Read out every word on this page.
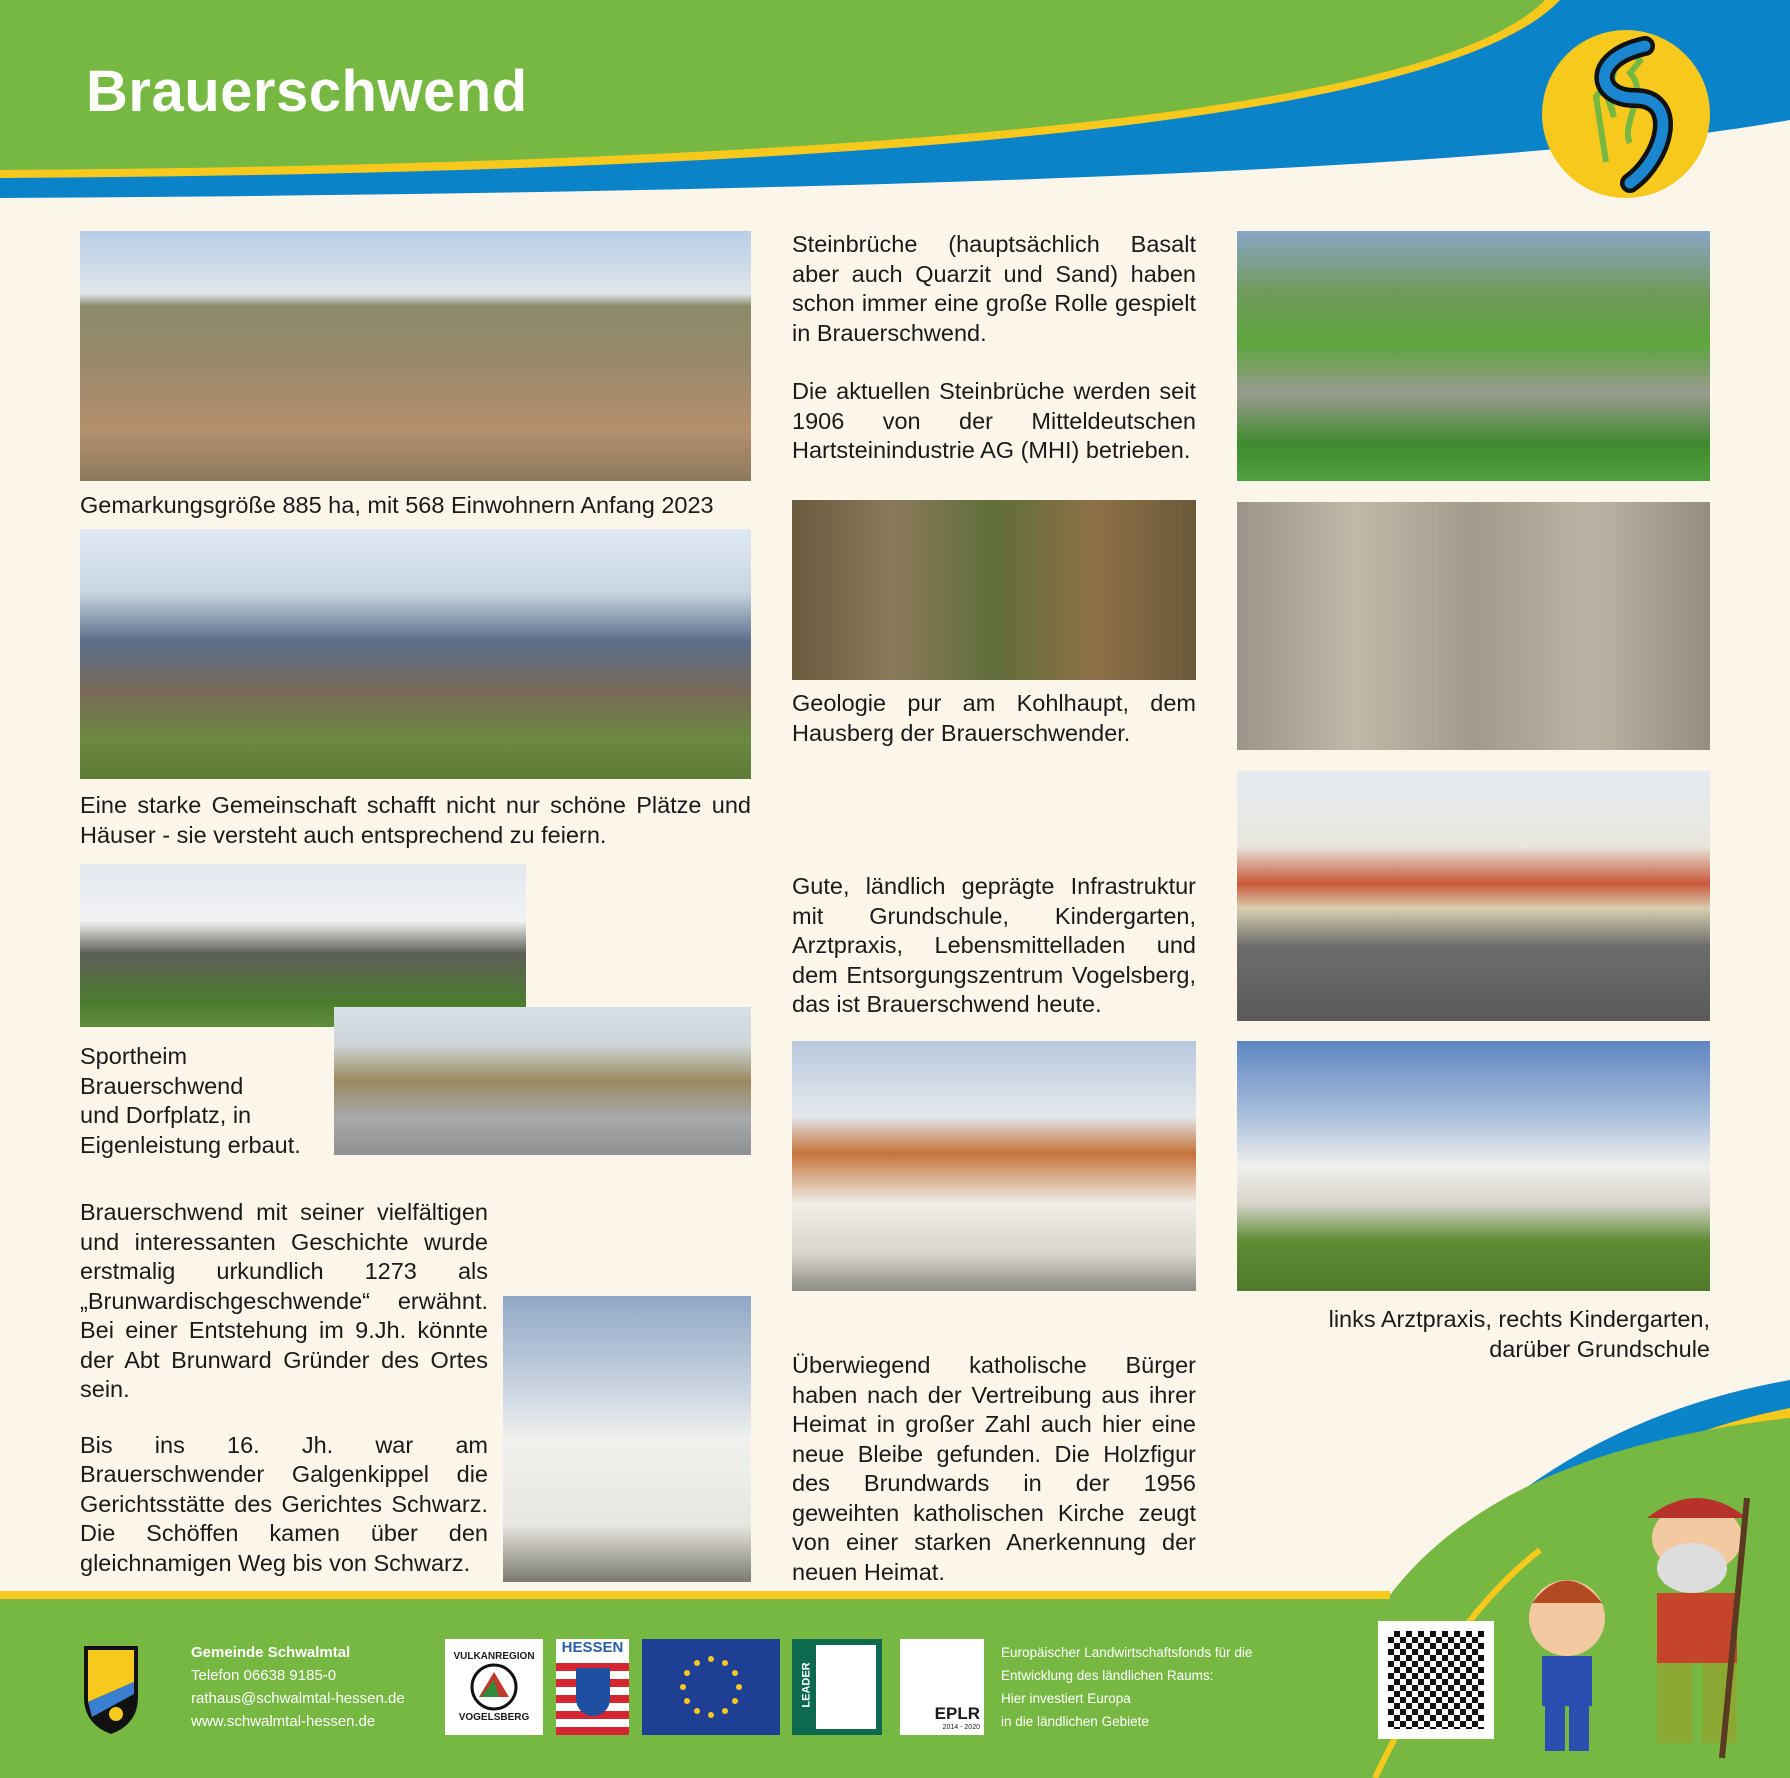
Brauerschwend
Gemarkungsgröße 885 ha, mit 568 Einwohnern Anfang 2023
Eine starke Gemeinschaft schafft nicht nur schöne Plätze und Häuser - sie versteht auch entsprechend zu feiern.
Sportheim
Brauerschwend
und Dorfplatz, in
Eigenleistung erbaut.

Brauerschwend mit seiner vielfältigen und interessanten Geschichte wurde erstmalig urkundlich 1273 als „Brunwardischgeschwende“ erwähnt. Bei einer Entstehung im 9.Jh. könnte der Abt Brunward Gründer des Ortes sein.

Bis ins 16. Jh. war am Brauerschwender Galgenkippel die Gerichtsstätte des Gerichtes Schwarz. Die Schöffen kamen über den gleichnamigen Weg bis von Schwarz.

Steinbrüche (hauptsächlich Basalt aber auch Quarzit und Sand) haben schon immer eine große Rolle gespielt in Brauerschwend.

Die aktuellen Steinbrüche werden seit 1906 von der Mitteldeutschen Hartsteinindustrie AG (MHI) betrieben.

Geologie pur am Kohlhaupt, dem Hausberg der Brauerschwender.
Gute, ländlich geprägte Infrastruktur mit Grundschule, Kindergarten, Arztpraxis, Lebensmittelladen und dem Entsorgungszentrum Vogelsberg, das ist Brauerschwend heute.
Überwiegend katholische Bürger haben nach der Vertreibung aus ihrer Heimat in großer Zahl auch hier eine neue Bleibe gefunden. Die Holzfigur des Brundwards in der 1956 geweihten katholischen Kirche zeugt von einer starken Anerkennung der neuen Heimat.
links Arztpraxis, rechts Kindergarten,
darüber Grundschule
Gemeinde Schwalmtal
Telefon 06638 9185-0
rathaus@schwalmtal-hessen.de
www.schwalmtal-hessen.de
VULKANREGION
VOGELSBERG
HESSEN
LEADER
EPLR
2014 - 2020
Europäischer Landwirtschaftsfonds für die
Entwicklung des ländlichen Raums:
Hier investiert Europa
in die ländlichen Gebiete
